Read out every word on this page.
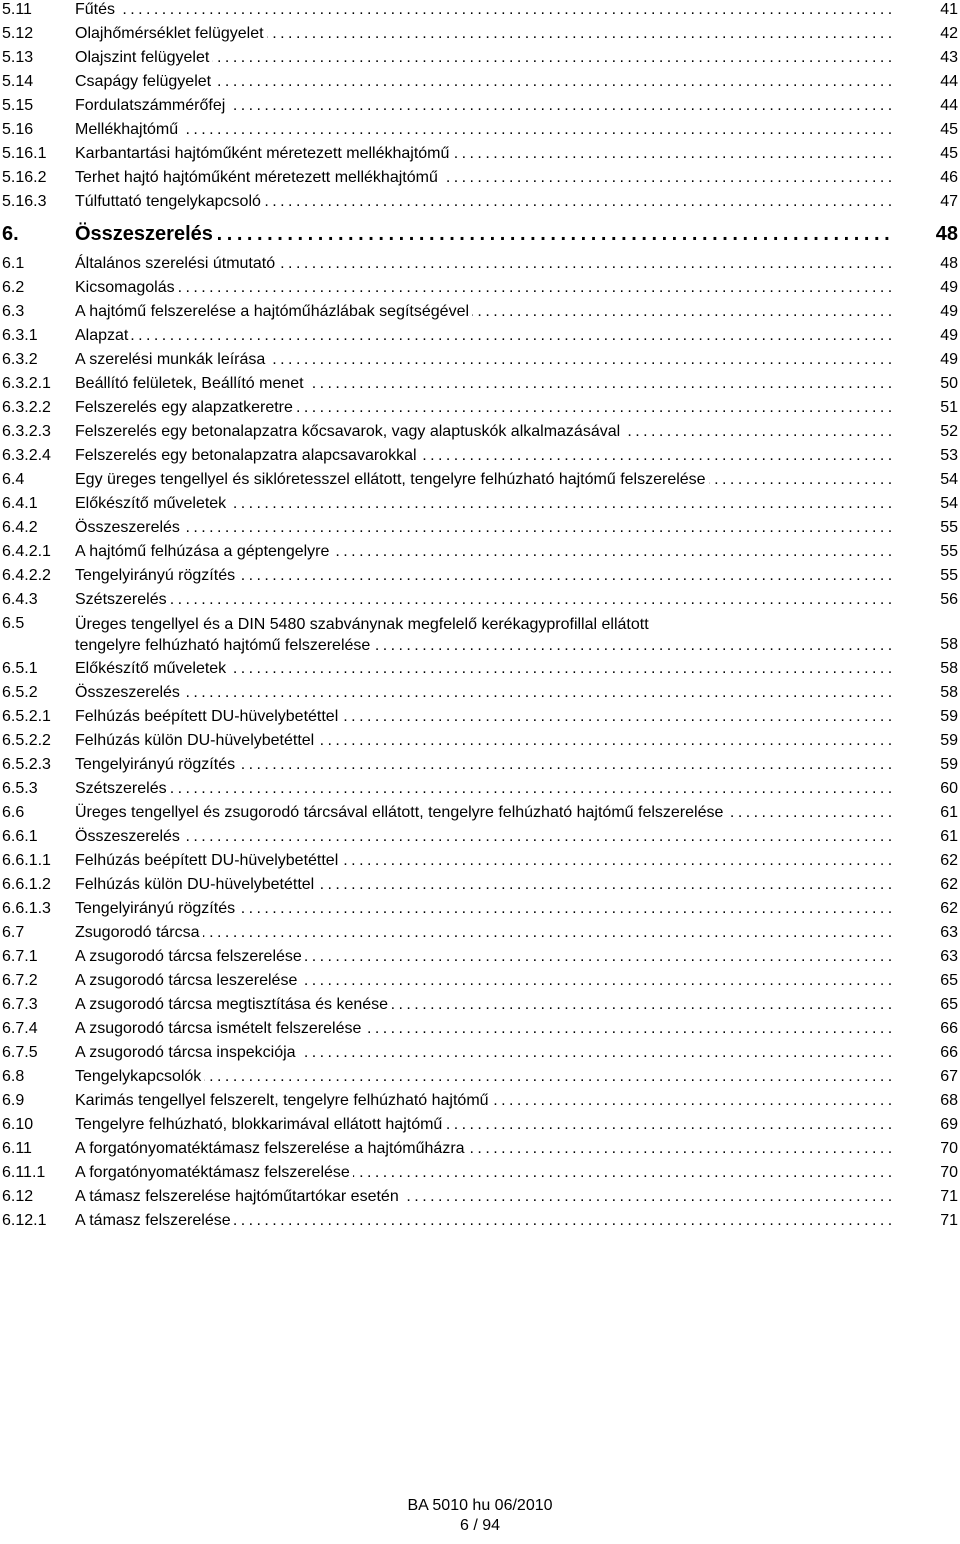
5.11	Fűtés . . .	41
5.12	Olajhőmérséklet felügyelet . . .	42
5.13	Olajszint felügyelet . . .	43
5.14	Csapágy felügyelet . . .	44
5.15	Fordulatszámmérőfej . . .	44
5.16	Mellékhajtómű . . .	45
5.16.1 Karbantartási hajtóműként méretezett mellékhajtómű . . .	45
5.16.2 Terhet hajtó hajtóműként méretezett mellékhajtómű . . .	46
5.16.3 Túlfuttató tengelykapcsoló . . .	47
6.	Összeszerelés . . .	48
6.1	Általános szerelési útmutató . . .	48
6.2	Kicsomagolás . . .	49
6.3	A hajtómű felszerelése a hajtóműházlábak segítségével . . .	49
6.3.1 Alapzat . . .	49
6.3.2 A szerelési munkák leírása . . .	49
6.3.2.1 Beállító felületek, Beállító menet . . .	50
6.3.2.2 Felszerelés egy alapzatkeretre . . .	51
6.3.2.3 Felszerelés egy betonalapzatra kőcsavarok, vagy alaptuskók alkalmazásával . . .	52
6.3.2.4 Felszerelés egy betonalapzatra alapcsavarokkal . . .	53
6.4	Egy üreges tengellyel és siklóretesszel ellátott, tengelyre felhúzható hajtómű felszerelése . . .	54
6.4.1 Előkészítő műveletek . . .	54
6.4.2 Összeszerelés . . .	55
6.4.2.1 A hajtómű felhúzása a géptengelyre . . .	55
6.4.2.2 Tengelyirányú rögzítés . . .	55
6.4.3 Szétszerelés . . .	56
6.5	Üreges tengellyel és a DIN 5480 szabványnak megfelelő kerékagyprofillal ellátott
tengelyre felhúzható hajtómű felszerelése . . .	58
6.5.1 Előkészítő műveletek . . .	58
6.5.2 Összeszerelés . . .	58
6.5.2.1 Felhúzás beépített DU-hüvelybetéttel . . .	59
6.5.2.2 Felhúzás külön DU-hüvelybetéttel . . .	59
6.5.2.3 Tengelyirányú rögzítés . . .	59
6.5.3 Szétszerelés . . .	60
6.6	Üreges tengellyel és zsugorodó tárcsával ellátott, tengelyre felhúzható hajtómű felszerelése . . .	61
6.6.1 Összeszerelés . . .	61
6.6.1.1 Felhúzás beépített DU-hüvelybetéttel . . .	62
6.6.1.2 Felhúzás külön DU-hüvelybetéttel . . .	62
6.6.1.3 Tengelyirányú rögzítés . . .	62
6.7	Zsugorodó tárcsa . . .	63
6.7.1 A zsugorodó tárcsa felszerelése . . .	63
6.7.2 A zsugorodó tárcsa leszerelése . . .	65
6.7.3 A zsugorodó tárcsa megtisztítása és kenése . . .	65
6.7.4 A zsugorodó tárcsa ismételt felszerelése . . .	66
6.7.5 A zsugorodó tárcsa inspekciója . . .	66
6.8	Tengelykapcsolók . . .	67
6.9	Karimás tengellyel felszerelt, tengelyre felhúzható hajtómű . . .	68
6.10	Tengelyre felhúzható, blokkarimával ellátott hajtómű . . .	69
6.11	A forgatónyomatéktámasz felszerelése a hajtóműházra . . .	70
6.11.1 A forgatónyomatéktámasz felszerelése . . .	70
6.12	A támasz felszerelése hajtóműtartókar esetén . . .	71
6.12.1 A támasz felszerelése . . .	71
BA 5010 hu 06/2010
6 / 94
